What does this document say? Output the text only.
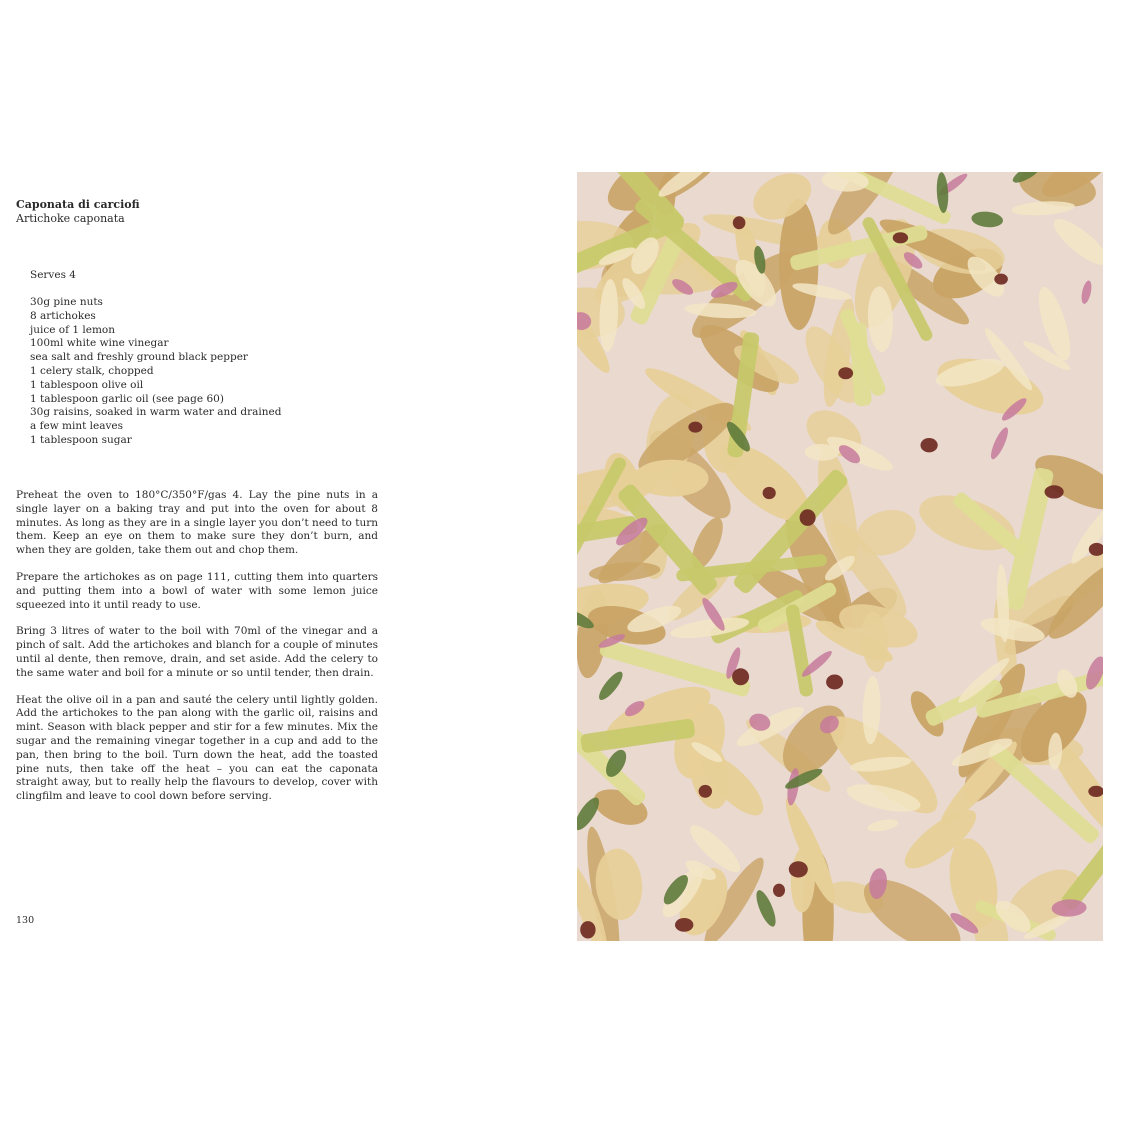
Caponata di carciofi

Artichoke caponata

Serves 4
30g pine nuts
8 artichokes
juice of 1 lemon
100ml white wine vinegar
sea salt and freshly ground black pepper
1 celery stalk, chopped
1 tablespoon olive oil
1 tablespoon garlic oil (see page 60)
30g raisins, soaked in warm water and drained
a few mint leaves
1 tablespoon sugar

Preheat the oven to 180°C/350°F/gas 4. Lay the pine nuts in a single layer on a baking tray and put into the oven for about 8 minutes. As long as they are in a single layer you don’t need to turn them. Keep an eye on them to make sure they don’t burn, and when they are golden, take them out and chop them.

Prepare the artichokes as on page 111, cutting them into quarters and putting them into a bowl of water with some lemon juice squeezed into it until ready to use.

Bring 3 litres of water to the boil with 70ml of the vinegar and a pinch of salt. Add the artichokes and blanch for a couple of minutes until al dente, then remove, drain, and set aside. Add the celery to the same water and boil for a minute or so until tender, then drain.

Heat the olive oil in a pan and sauté the celery until lightly golden. Add the artichokes to the pan along with the garlic oil, raisins and mint. Season with black pepper and stir for a few minutes. Mix the sugar and the remaining vinegar together in a cup and add to the pan, then bring to the boil. Turn down the heat, add the toasted pine nuts, then take off the heat – you can eat the caponata straight away, but to really help the flavours to develop, cover with clingfilm and leave to cool down before serving.

130
